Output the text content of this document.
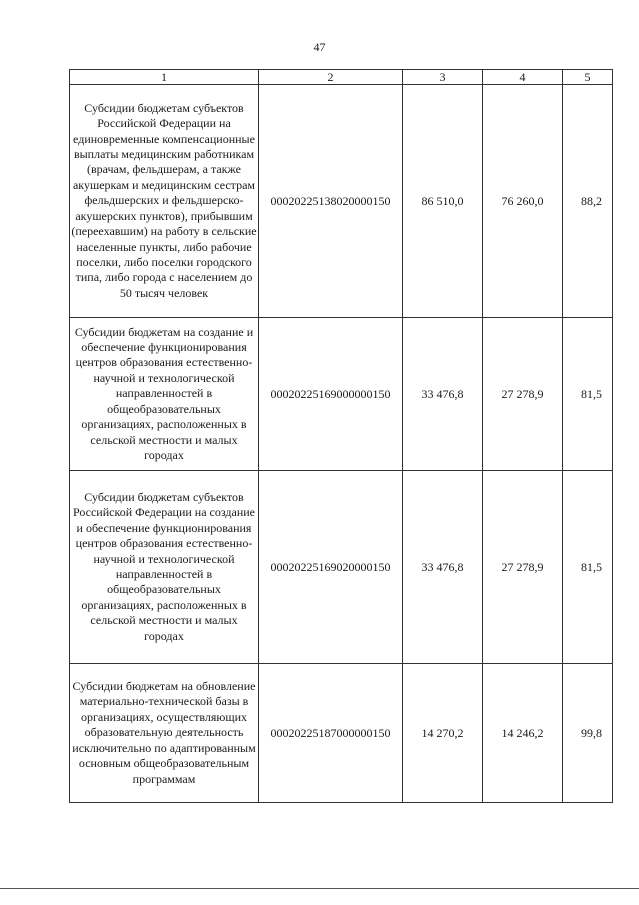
47
1	2	3	4	5
Субсидии бюджетам субъектов Российской Федерации на единовременные компенсационные выплаты медицинским работникам (врачам, фельдшерам, а также акушеркам и медицинским сестрам фельдшерских и фельдшерско-акушерских пунктов), прибывшим (переехавшим) на работу в сельские населенные пункты, либо рабочие поселки, либо поселки городского типа, либо города с населением до 50 тысяч человек	00020225138020000150	86 510,0	76 260,0	88,2
Субсидии бюджетам на создание и обеспечение функционирования центров образования естественно-научной и технологической направленностей в общеобразовательных организациях, расположенных в сельской местности и малых городах	00020225169000000150	33 476,8	27 278,9	81,5
Субсидии бюджетам субъектов Российской Федерации на создание и обеспечение функционирования центров образования естественно-научной и технологической направленностей в общеобразовательных организациях, расположенных в сельской местности и малых городах	00020225169020000150	33 476,8	27 278,9	81,5
Субсидии бюджетам на обновление материально-технической базы в организациях, осуществляющих образовательную деятельность исключительно по адаптированным основным общеобразовательным программам	00020225187000000150	14 270,2	14 246,2	99,8
